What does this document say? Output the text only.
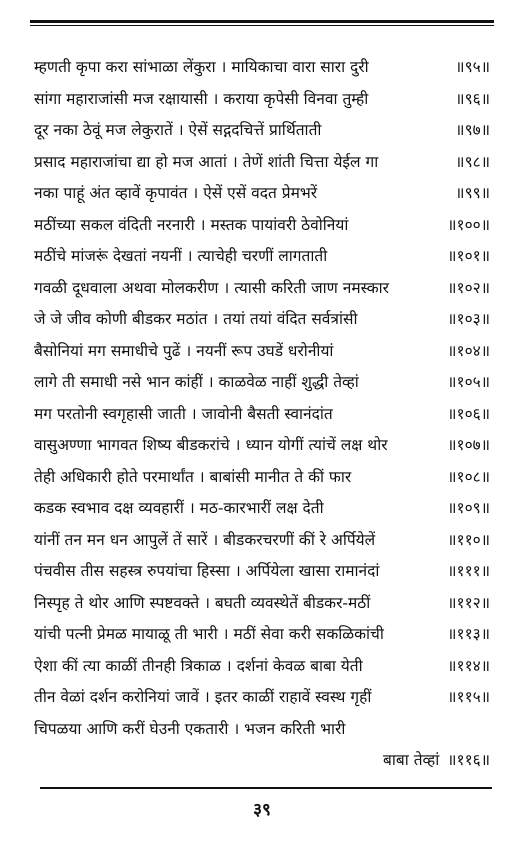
म्हणती कृपा करा सांभाळा लेंकुरा । मायिकाचा वारा सारा दुरी	॥९५॥
सांगा महाराजांसी मज रक्षायासी । कराया कृपेसी विनवा तुम्ही	॥९६॥
दूर नका ठेवूं मज लेकुरातें । ऐसें सद्गदचित्तें प्रार्थिताती	॥९७॥
प्रसाद महाराजांचा द्या हो मज आतां । तेणें शांती चित्ता येईल गा	॥९८॥
नका पाहूं अंत व्हावें कृपावंत । ऐसें एसें वदत प्रेमभरें	॥९९॥
मठींच्या सकल वंदिती नरनारी । मस्तक पायांवरी ठेवोनियां	॥१००॥
मठींचे मांजरूं देखतां नयनीं । त्याचेही चरणीं लागताती	॥१०१॥
गवळी दूधवाला अथवा मोलकरीण । त्यासी करिती जाण नमस्कार	॥१०२॥
जे जे जीव कोणी बीडकर मठांत । तयां तयां वंदित सर्वत्रांसी	॥१०३॥
बैसोनियां मग समाधीचे पुढें । नयनीं रूप उघडें धरोनीयां	॥१०४॥
लागे ती समाधी नसे भान कांहीं । काळवेळ नाहीं शुद्धी तेव्हां	॥१०५॥
मग परतोनी स्वगृहासी जाती । जावोनी बैसती स्वानंदांत	॥१०६॥
वासुअण्णा भागवत शिष्य बीडकरांचे । ध्यान योगीं त्यांचें लक्ष थोर	॥१०७॥
तेही अधिकारी होते परमार्थांत । बाबांसी मानीत ते कीं फार	॥१०८॥
कडक स्वभाव दक्ष व्यवहारीं । मठ-कारभारीं लक्ष देती	॥१०९॥
यांनीं तन मन धन आपुलें तें सारें । बीडकरचरणीं कीं रे अर्पियेलें	॥११०॥
पंचवीस तीस सहस्त्र रुपयांचा हिस्सा । अर्पियेला खासा रामानंदां	॥१११॥
निस्पृह ते थोर आणि स्पष्टवक्ते । बघती व्यवस्थेतें बीडकर-मठीं	॥११२॥
यांची पत्नी प्रेमळ मायाळू ती भारी । मठीं सेवा करी सकळिकांची	॥११३॥
ऐशा कीं त्या काळीं तीनही त्रिकाळ । दर्शनां केवळ बाबा येती	॥११४॥
तीन वेळां दर्शन करोनियां जावें । इतर काळीं राहावें स्वस्थ गृहीं	॥११५॥
चिपळया आणि करीं घेउनी एकतारी । भजन करिती भारी
बाबा तेव्हां ॥११६॥
३९
